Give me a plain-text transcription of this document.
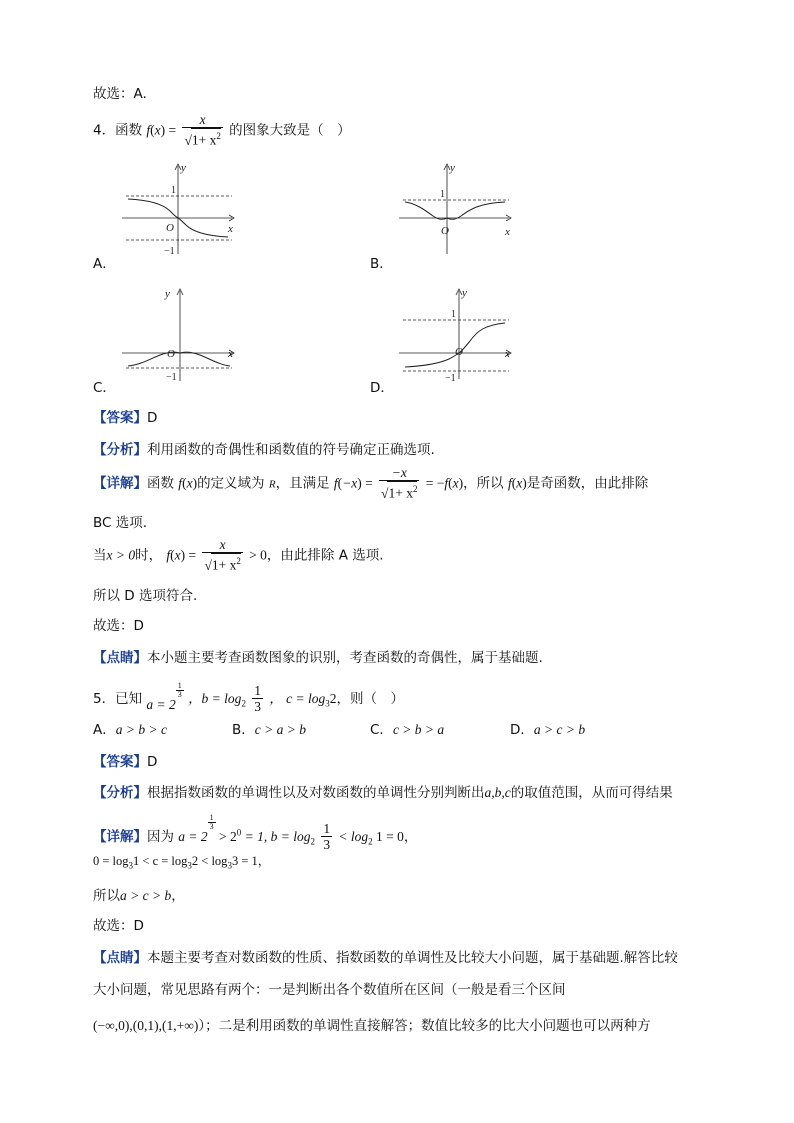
故选：A.
4．函数 $f(x) = \frac{x}{√1+ x^2}$ 的图象大致是（　）
y
x
O
1
−1
A．
y
x
O
1
B．
y
x
O
−1
C．
y
x
O
1
−1
D．
【答案】D
【分析】利用函数的奇偶性和函数值的符号确定正确选项.
【详解】函数 f(x)的定义域为 R，且满足 $f(-x) = \frac{-x}{√1+ x^2} = -f(x)$，所以 f(x)是奇函数，由此排除
BC 选项.
当x > 0时， $f(x) = \frac{x}{√1+ x^2} > 0$，由此排除 A 选项.
所以 D 选项符合.
故选：D
【点睛】本小题主要考查函数图象的识别，考查函数的奇偶性，属于基础题.
5．已知 a = 2
$^{\frac{1}{3}}$ ，$b = \log_2 \frac{1}{3}$ ， $c = \log_32$，则（　）
A．a > b > c	B．c > a > b	C．c > b > a	D．a > c > b
【答案】D
【分析】根据指数函数的单调性以及对数函数的单调性分别判断出a,b,c的取值范围，从而可得结果
【详解】因为 a = 2
$^{\frac{1}{3}}$
> $2^0 = 1$, $b = \log_2 \frac{1}{3} < \log_2 1 = 0$，
$0 = \log_31 < c = \log_32 < \log_33 = 1$，
所以a > c > b，
故选：D
【点睛】本题主要考查对数函数的性质、指数函数的单调性及比较大小问题，属于基础题.解答比较
大小问题，常见思路有两个：一是判断出各个数值所在区间（一般是看三个区间
(−∞,0),(0,1),(1,+∞)）；二是利用函数的单调性直接解答；数值比较多的比大小问题也可以两种方
